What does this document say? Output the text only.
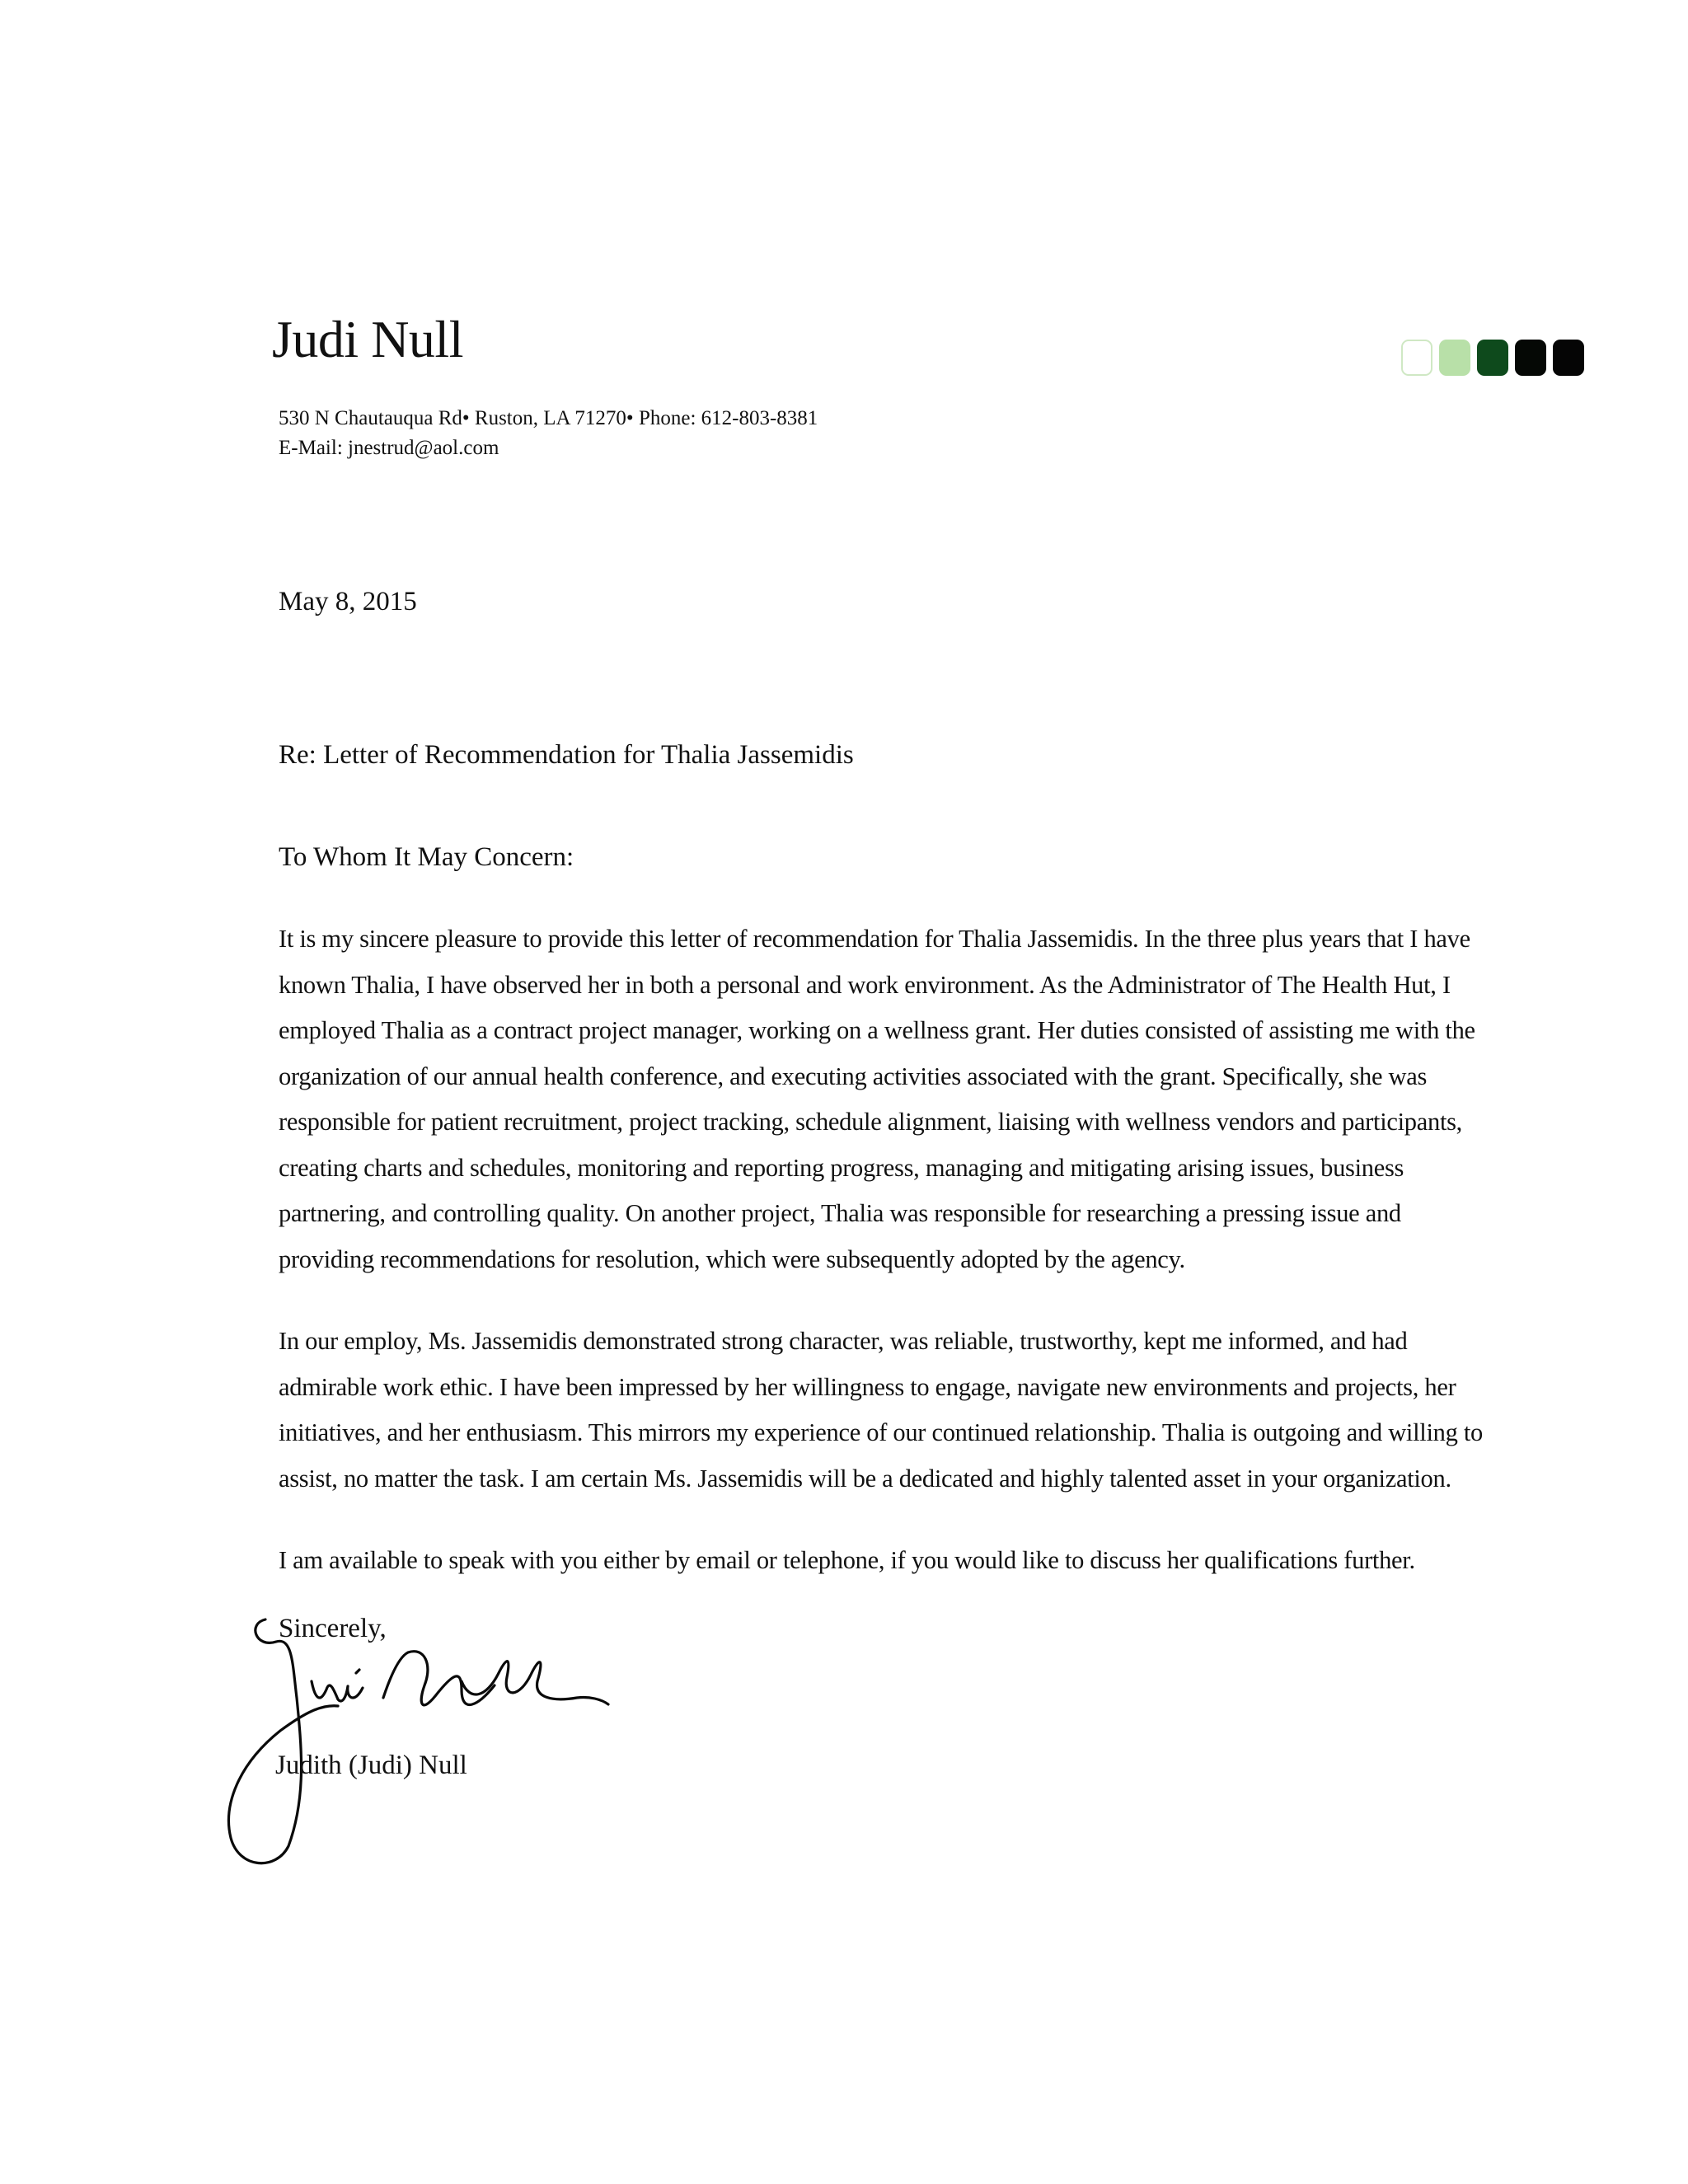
Judi Null
530 N Chautauqua Rd• Ruston, LA 71270• Phone: 612-803-8381
E-Mail: jnestrud@aol.com
May 8, 2015
Re: Letter of Recommendation for Thalia Jassemidis
To Whom It May Concern:
It is my sincere pleasure to provide this letter of recommendation for Thalia Jassemidis. In the three plus years that I have
known Thalia, I have observed her in both a personal and work environment. As the Administrator of The Health Hut, I
employed Thalia as a contract project manager, working on a wellness grant. Her duties consisted of assisting me with the
organization of our annual health conference, and executing activities associated with the grant. Specifically, she was
responsible for patient recruitment, project tracking, schedule alignment, liaising with wellness vendors and participants,
creating charts and schedules, monitoring and reporting progress, managing and mitigating arising issues, business
partnering, and controlling quality. On another project, Thalia was responsible for researching a pressing issue and
providing recommendations for resolution, which were subsequently adopted by the agency.
In our employ, Ms. Jassemidis demonstrated strong character, was reliable, trustworthy, kept me informed, and had
admirable work ethic. I have been impressed by her willingness to engage, navigate new environments and projects, her
initiatives, and her enthusiasm. This mirrors my experience of our continued relationship. Thalia is outgoing and willing to
assist, no matter the task. I am certain Ms. Jassemidis will be a dedicated and highly talented asset in your organization.
I am available to speak with you either by email or telephone, if you would like to discuss her qualifications further.
Sincerely,
Judith (Judi) Null
